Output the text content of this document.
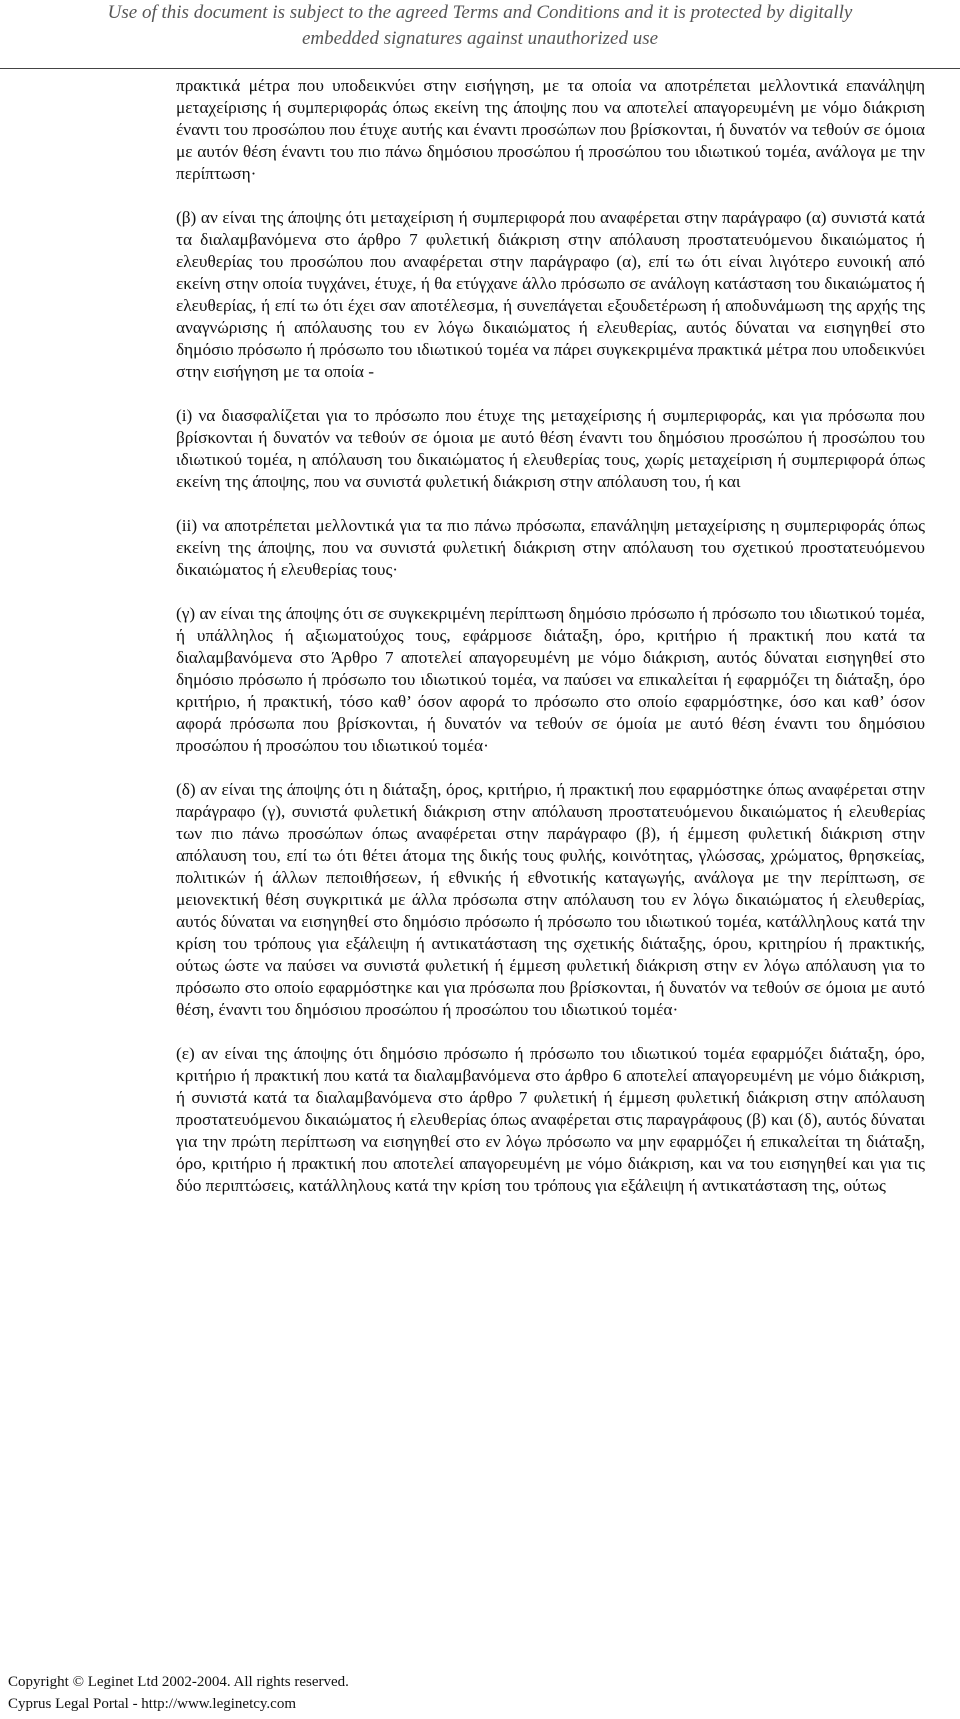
Use of this document is subject to the agreed Terms and Conditions and it is protected by digitally
embedded signatures against unauthorized use

πρακτικά μέτρα που υποδεικνύει στην εισήγηση, με τα οποία να αποτρέπεται μελλοντικά επανάληψη μεταχείρισης ή συμπεριφοράς όπως εκείνη της άποψης που να αποτελεί απαγορευμένη με νόμο διάκριση έναντι του προσώπου που έτυχε αυτής και έναντι προσώπων που βρίσκονται, ή δυνατόν να τεθούν σε όμοια με αυτόν θέση έναντι του πιο πάνω δημόσιου προσώπου ή προσώπου του ιδιωτικού τομέα, ανάλογα με την περίπτωση·

(β) αν είναι της άποψης ότι μεταχείριση ή συμπεριφορά που αναφέρεται στην παράγραφο (α) συνιστά κατά τα διαλαμβανόμενα στο άρθρο 7 φυλετική διάκριση στην απόλαυση προστατευόμενου δικαιώματος ή ελευθερίας του προσώπου που αναφέρεται στην παράγραφο (α), επί τω ότι είναι λιγότερο ευνοική από εκείνη στην οποία τυγχάνει, έτυχε, ή θα ετύγχανε άλλο πρόσωπο σε ανάλογη κατάσταση του δικαιώματος ή ελευθερίας, ή επί τω ότι έχει σαν αποτέλεσμα, ή συνεπάγεται εξουδετέρωση ή αποδυνάμωση της αρχής της αναγνώρισης ή απόλαυσης του εν λόγω δικαιώματος ή ελευθερίας, αυτός δύναται να εισηγηθεί στο δημόσιο πρόσωπο ή πρόσωπο του ιδιωτικού τομέα να πάρει συγκεκριμένα πρακτικά μέτρα που υποδεικνύει στην εισήγηση με τα οποία -

(i) να διασφαλίζεται για το πρόσωπο που έτυχε της μεταχείρισης ή συμπεριφοράς, και για πρόσωπα που βρίσκονται ή δυνατόν να τεθούν σε όμοια με αυτό θέση έναντι του δημόσιου προσώπου ή προσώπου του ιδιωτικού τομέα, η απόλαυση του δικαιώματος ή ελευθερίας τους, χωρίς μεταχείριση ή συμπεριφορά όπως εκείνη της άποψης, που να συνιστά φυλετική διάκριση στην απόλαυση του, ή και

(ii) να αποτρέπεται μελλοντικά για τα πιο πάνω πρόσωπα, επανάληψη μεταχείρισης η συμπεριφοράς όπως εκείνη της άποψης, που να συνιστά φυλετική διάκριση στην απόλαυση του σχετικού προστατευόμενου δικαιώματος ή ελευθερίας τους·

(γ) αν είναι της άποψης ότι σε συγκεκριμένη περίπτωση δημόσιο πρόσωπο ή πρόσωπο του ιδιωτικού τομέα, ή υπάλληλος ή αξιωματούχος τους, εφάρμοσε διάταξη, όρο, κριτήριο ή πρακτική που κατά τα διαλαμβανόμενα στο Άρθρο 7 αποτελεί απαγορευμένη με νόμο διάκριση, αυτός δύναται εισηγηθεί στο δημόσιο πρόσωπο ή πρόσωπο του ιδιωτικού τομέα, να παύσει να επικαλείται ή εφαρμόζει τη διάταξη, όρο κριτήριο, ή πρακτική, τόσο καθ’ όσον αφορά το πρόσωπο στο οποίο εφαρμόστηκε, όσο και καθ’ όσον αφορά πρόσωπα που βρίσκονται, ή δυνατόν να τεθούν σε όμοία με αυτό θέση έναντι του δημόσιου προσώπου ή προσώπου του ιδιωτικού τομέα·

(δ) αν είναι της άποψης ότι η διάταξη, όρος, κριτήριο, ή πρακτική που εφαρμόστηκε όπως αναφέρεται στην παράγραφο (γ), συνιστά φυλετική διάκριση στην απόλαυση προστατευόμενου δικαιώματος ή ελευθερίας των πιο πάνω προσώπων όπως αναφέρεται στην παράγραφο (β), ή έμμεση φυλετική διάκριση στην απόλαυση του, επί τω ότι θέτει άτομα της δικής τους φυλής, κοινότητας, γλώσσας, χρώματος, θρησκείας, πολιτικών ή άλλων πεποιθήσεων, ή εθνικής ή εθνοτικής καταγωγής, ανάλογα με την περίπτωση, σε μειονεκτική θέση συγκριτικά με άλλα πρόσωπα στην απόλαυση του εν λόγω δικαιώματος ή ελευθερίας, αυτός δύναται να εισηγηθεί στο δημόσιο πρόσωπο ή πρόσωπο του ιδιωτικού τομέα, κατάλληλους κατά την κρίση του τρόπους για εξάλειψη ή αντικατάσταση της σχετικής διάταξης, όρου, κριτηρίου ή πρακτικής, ούτως ώστε να παύσει να συνιστά φυλετική ή έμμεση φυλετική διάκριση στην εν λόγω απόλαυση για το πρόσωπο στο οποίο εφαρμόστηκε και για πρόσωπα που βρίσκονται, ή δυνατόν να τεθούν σε όμοια με αυτό θέση, έναντι του δημόσιου προσώπου ή προσώπου του ιδιωτικού τομέα·

(ε) αν είναι της άποψης ότι δημόσιο πρόσωπο ή πρόσωπο του ιδιωτικού τομέα εφαρμόζει διάταξη, όρο, κριτήριο ή πρακτική που κατά τα διαλαμβανόμενα στο άρθρο 6 αποτελεί απαγορευμένη με νόμο διάκριση, ή συνιστά κατά τα διαλαμβανόμενα στο άρθρο 7 φυλετική ή έμμεση φυλετική διάκριση στην απόλαυση προστατευόμενου δικαιώματος ή ελευθερίας όπως αναφέρεται στις παραγράφους (β) και (δ), αυτός δύναται για την πρώτη περίπτωση να εισηγηθεί στο εν λόγω πρόσωπο να μην εφαρμόζει ή επικαλείται τη διάταξη, όρο, κριτήριο ή πρακτική που αποτελεί απαγορευμένη με νόμο διάκριση, και να του εισηγηθεί και για τις δύο περιπτώσεις, κατάλληλους κατά την κρίση του τρόπους για εξάλειψη ή αντικατάσταση της, ούτως

Copyright © Leginet Ltd 2002-2004. All rights reserved.
Cyprus Legal Portal - http://www.leginetcy.com
